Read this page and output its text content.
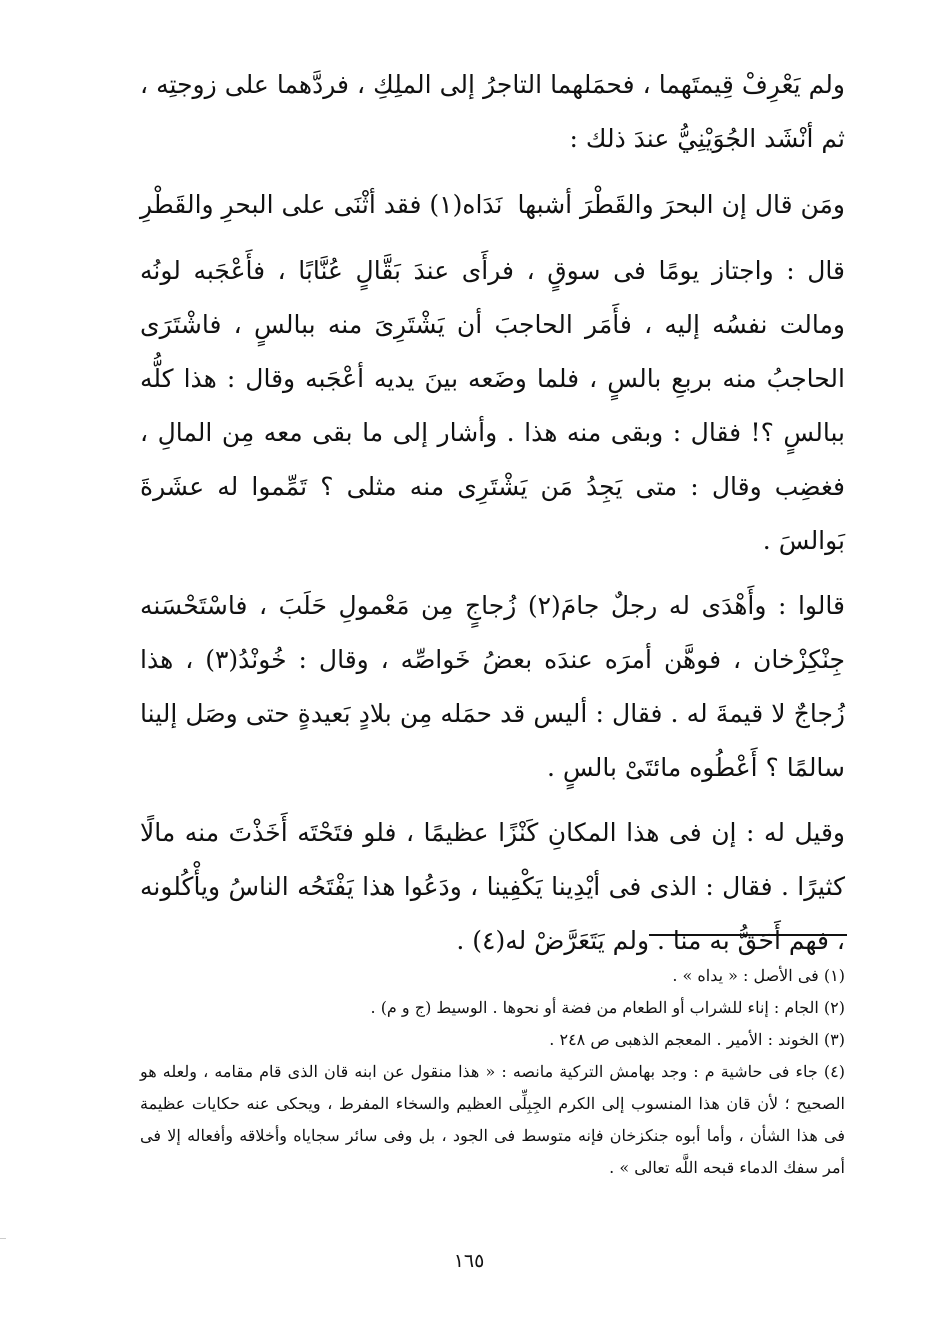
ولم يَعْرِفْ قِيمتَهما ، فحمَلهما التاجرُ إلى الملِكِ ، فردَّهما على زوجتِه ، ثم أنْشَد الجُوَيْنِيُّ عندَ ذلك :

ومَن قال إن البحرَ والقَطْرَ أشبها
نَدَاه(١) فقد أثْنَى على البحرِ والقَطْرِ

قال : واجتاز يومًا فى سوقٍ ، فرأَى عندَ بَقَّالٍ عُنَّابًا ، فأَعْجَبه لونُه ومالت نفسُه إليه ، فأَمَر الحاجبَ أن يَشْتَرِىَ منه ببالسٍ ، فاشْتَرَى الحاجبُ منه بربعِ بالسٍ ، فلما وضَعه بينَ يديه أعْجَبه وقال : هذا كلُّه ببالسٍ ؟! فقال : وبقى منه هذا . وأشار إلى ما بقى معه مِن المالِ ، فغضِب وقال : متى يَجِدُ مَن يَشْتَرِى منه مثلى ؟ تَمِّموا له عشَرةَ بَوالسَ .

قالوا : وأَهْدَى له رجلٌ جامَ(٢) زُجاجٍ مِن مَعْمولِ حَلَبَ ، فاسْتَحْسَنه جِنْكِزْخان ، فوهَّن أمرَه عندَه بعضُ خَواصِّه ، وقال : خُونْدُ(٣) ، هذا زُجاجٌ لا قيمةَ له . فقال : أليس قد حمَله مِن بلادٍ بَعيدةٍ حتى وصَل إلينا سالمًا ؟ أَعْطُوه مائتَىْ بالسٍ .

وقيل له : إن فى هذا المكانِ كَنْزًا عظيمًا ، فلو فتَحْتَه أَخَذْتَ منه مالًا كثيرًا . فقال : الذى فى أيْدِينا يَكْفِينا ، ودَعُوا هذا يَفْتَحُه الناسُ ويأْكُلونه ، فهم أَحَقُّ به منا . ولم يَتَعَرَّضْ له(٤) .

(١) فى الأصل : « يداه » .

(٢) الجام : إناء للشراب أو الطعام من فضة أو نحوها . الوسيط (ج و م) .

(٣) الخوند : الأمير . المعجم الذهبى ص ٢٤٨ .

(٤) جاء فى حاشية م : وجد بهامش التركية مانصه : « هذا منقول عن ابنه قان الذى قام مقامه ، ولعله هو الصحيح ؛ لأن قان هذا المنسوب إلى الكرم الجِبِلِّى العظيم والسخاء المفرط ، ويحكى عنه حكايات عظيمة فى هذا الشأن ، وأما أبوه جنكزخان فإنه متوسط فى الجود ، بل وفى سائر سجاياه وأخلاقه وأفعاله إلا فى أمر سفك الدماء قبحه اللَّه تعالى » .

١٦٥
